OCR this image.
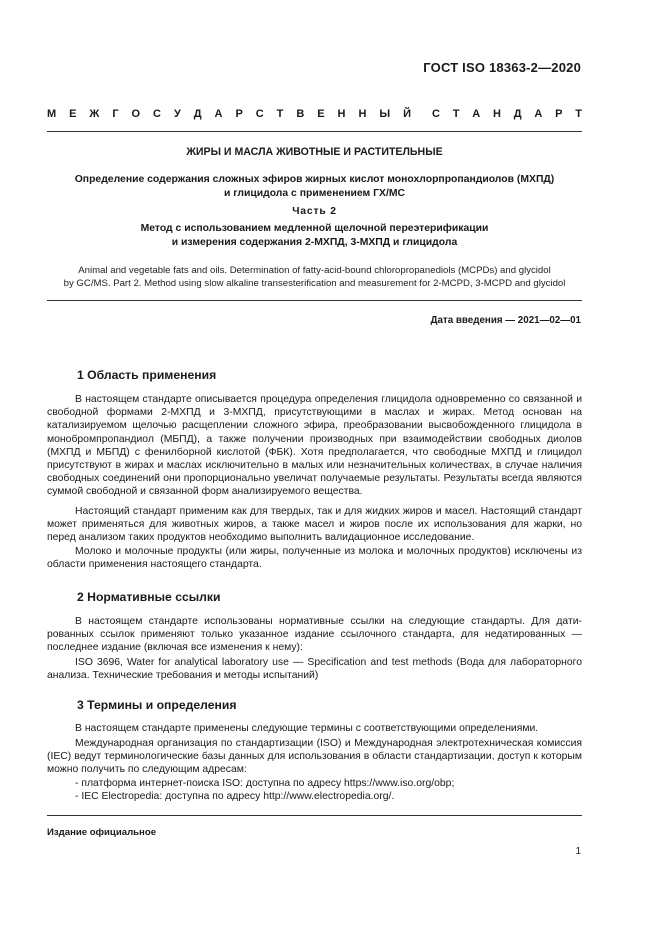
ГОСТ ISO 18363-2—2020
М Е Ж Г О С У Д А Р С Т В Е Н Н Ы Й С Т А Н Д А Р Т
ЖИРЫ И МАСЛА ЖИВОТНЫЕ И РАСТИТЕЛЬНЫЕ
Определение содержания сложных эфиров жирных кислот монохлорпропандиолов (МХПД)
и глицидола с применением ГХ/МС
Часть 2
Метод с использованием медленной щелочной переэтерификации
и измерения содержания 2-МХПД, 3-МХПД и глицидола
Animal and vegetable fats and oils. Determination of fatty-acid-bound chloropropanediols (MCPDs) and glycidol
by GC/MS. Part 2. Method using slow alkaline transesterification and measurement for 2-MCPD, 3-MCPD and glycidol
Дата введения — 2021—02—01
1 Область применения

В настоящем стандарте описывается процедура определения глицидола одновременно со связанной и свободной формами 2-МХПД и 3-МХПД, присутствующими в маслах и жирах. Метод основан на катализируемом щелочью расщеплении сложного эфира, преобразовании высвобожденного глицидола в монобромпропандиол (МБПД), а также получении производных при взаимодействии свободных диолов (МХПД и МБПД) с фенилборной кислотой (ФБК). Хотя предполагается, что свободные МХПД и глицидол присутствуют в жирах и маслах исключительно в малых или незначительных количествах, в случае наличия свободных соединений они пропорционально увеличат получаемые результаты. Результаты всегда являются суммой свободной и связанной форм анализируемого вещества.

Настоящий стандарт применим как для твердых, так и для жидких жиров и масел. Настоящий стандарт может применяться для животных жиров, а также масел и жиров после их использования для жарки, но перед анализом таких продуктов необходимо выполнить валидационное исследование.

Молоко и молочные продукты (или жиры, полученные из молока и молочных продуктов) исключены из области применения настоящего стандарта.

2 Нормативные ссылки

В настоящем стандарте использованы нормативные ссылки на следующие стандарты. Для датированных ссылок применяют только указанное издание ссылочного стандарта, для недатированных — последнее издание (включая все изменения к нему):

ISO 3696, Water for analytical laboratory use — Specification and test methods (Вода для лабораторного анализа. Технические требования и методы испытаний)

3 Термины и определения

В настоящем стандарте применены следующие термины с соответствующими определениями.

Международная организация по стандартизации (ISO) и Международная электротехническая комиссия (IEC) ведут терминологические базы данных для использования в области стандартизации, доступ к которым можно получить по следующим адресам:

- платформа интернет-поиска ISO: доступна по адресу https://www.iso.org/obp;

- IEC Electropedia: доступна по адресу http://www.electropedia.org/.

Издание официальное
1
